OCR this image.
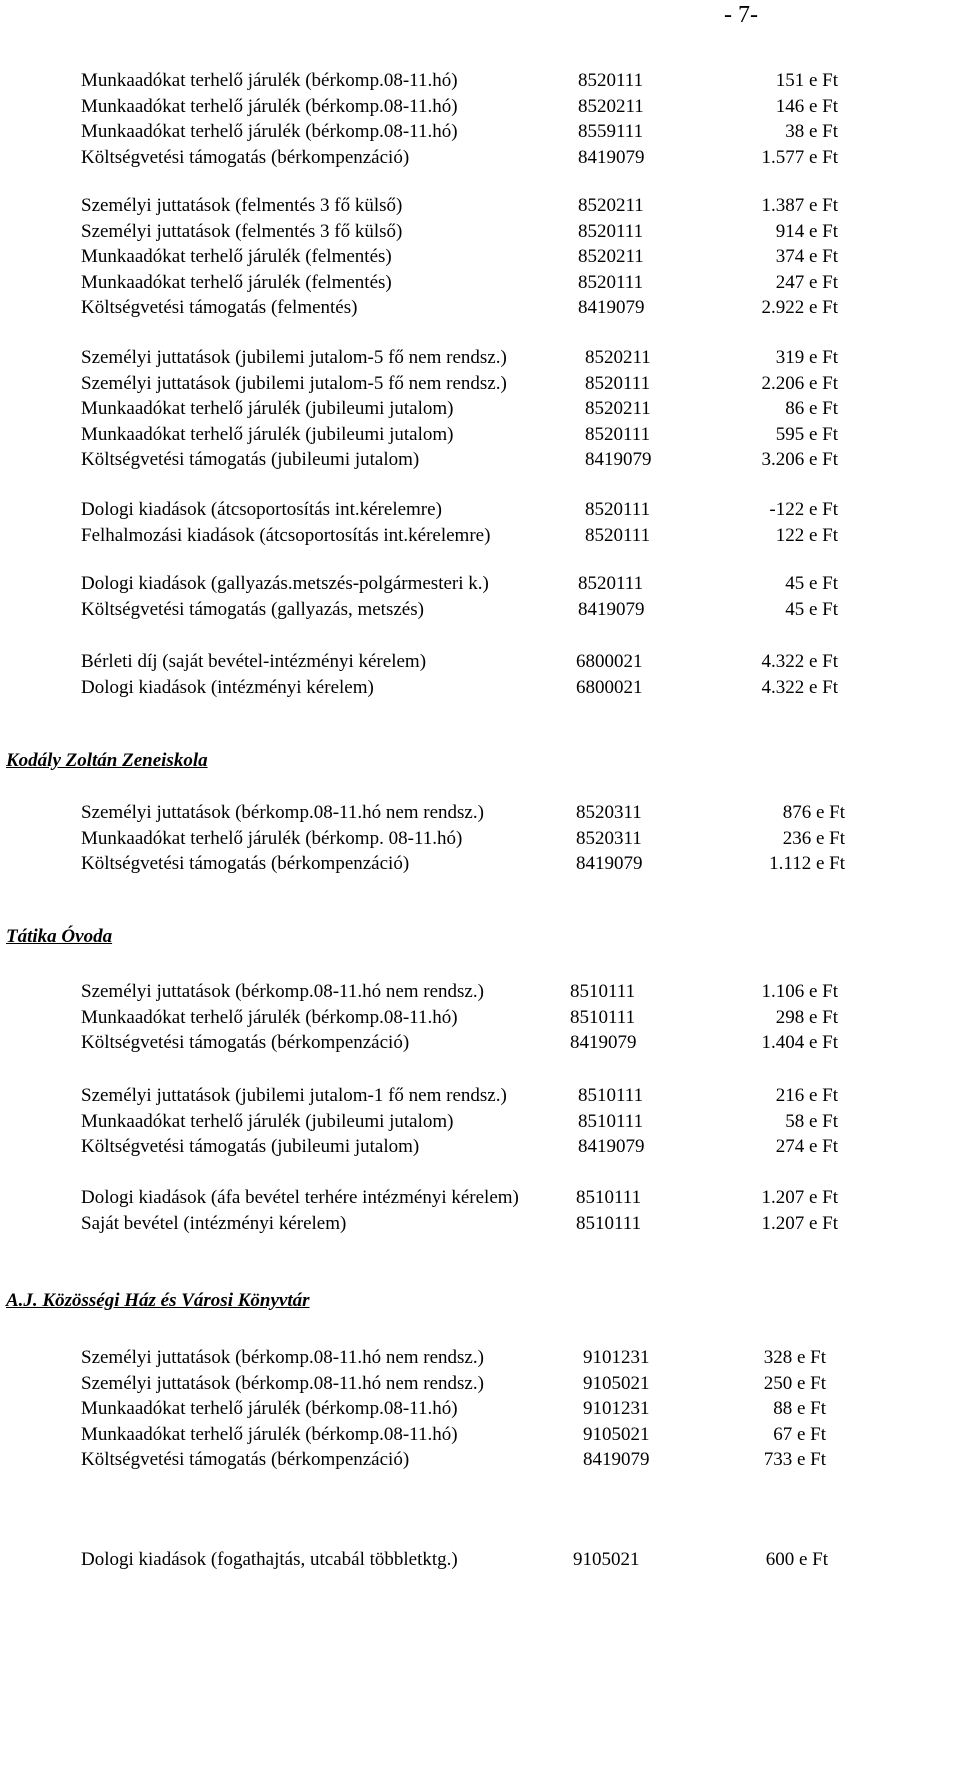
- 7-
Munkaadókat terhelő járulék (bérkomp.08-11.hó)	8520111	151 e Ft
Munkaadókat terhelő járulék (bérkomp.08-11.hó)	8520211	146 e Ft
Munkaadókat terhelő járulék (bérkomp.08-11.hó)	8559111	38 e Ft
Költségvetési támogatás (bérkompenzáció)	8419079	1.577 e Ft
Személyi juttatások (felmentés 3 fő külső)	8520211	1.387 e Ft
Személyi juttatások (felmentés 3 fő külső)	8520111	914 e Ft
Munkaadókat terhelő járulék (felmentés)	8520211	374 e Ft
Munkaadókat terhelő járulék (felmentés)	8520111	247 e Ft
Költségvetési támogatás (felmentés)	8419079	2.922 e Ft
Személyi juttatások (jubilemi jutalom-5 fő nem rendsz.)	8520211	319 e Ft
Személyi juttatások (jubilemi jutalom-5 fő nem rendsz.)	8520111	2.206 e Ft
Munkaadókat terhelő járulék (jubileumi jutalom)	8520211	86 e Ft
Munkaadókat terhelő járulék (jubileumi jutalom)	8520111	595 e Ft
Költségvetési támogatás (jubileumi jutalom)	8419079	3.206 e Ft
Dologi kiadások (átcsoportosítás int.kérelemre)	8520111	-122 e Ft
Felhalmozási kiadások (átcsoportosítás int.kérelemre)	8520111	122 e Ft
Dologi kiadások (gallyazás.metszés-polgármesteri k.)	8520111	45 e Ft
Költségvetési támogatás (gallyazás, metszés)	8419079	45 e Ft
Bérleti díj (saját bevétel-intézményi kérelem)	6800021	4.322 e Ft
Dologi kiadások (intézményi kérelem)	6800021	4.322 e Ft
Kodály Zoltán Zeneiskola
Személyi juttatások (bérkomp.08-11.hó nem rendsz.)	8520311	876 e Ft
Munkaadókat terhelő járulék (bérkomp. 08-11.hó)	8520311	236 e Ft
Költségvetési támogatás (bérkompenzáció)	8419079	1.112 e Ft
Tátika Óvoda
Személyi juttatások (bérkomp.08-11.hó nem rendsz.)	8510111	1.106 e Ft
Munkaadókat terhelő járulék (bérkomp.08-11.hó)	8510111	298 e Ft
Költségvetési támogatás (bérkompenzáció)	8419079	1.404 e Ft
Személyi juttatások (jubilemi jutalom-1 fő nem rendsz.)	8510111	216 e Ft
Munkaadókat terhelő járulék (jubileumi jutalom)	8510111	58 e Ft
Költségvetési támogatás (jubileumi jutalom)	8419079	274 e Ft
Dologi kiadások (áfa bevétel terhére intézményi kérelem)	8510111	1.207 e Ft
Saját bevétel (intézményi kérelem)	8510111	1.207 e Ft
A.J. Közösségi Ház és Városi Könyvtár
Személyi juttatások (bérkomp.08-11.hó nem rendsz.)	9101231	328 e Ft
Személyi juttatások (bérkomp.08-11.hó nem rendsz.)	9105021	250 e Ft
Munkaadókat terhelő járulék (bérkomp.08-11.hó)	9101231	88 e Ft
Munkaadókat terhelő járulék (bérkomp.08-11.hó)	9105021	67 e Ft
Költségvetési támogatás (bérkompenzáció)	8419079	733 e Ft
Dologi kiadások (fogathajtás, utcabál többletktg.)	9105021	600 e Ft
